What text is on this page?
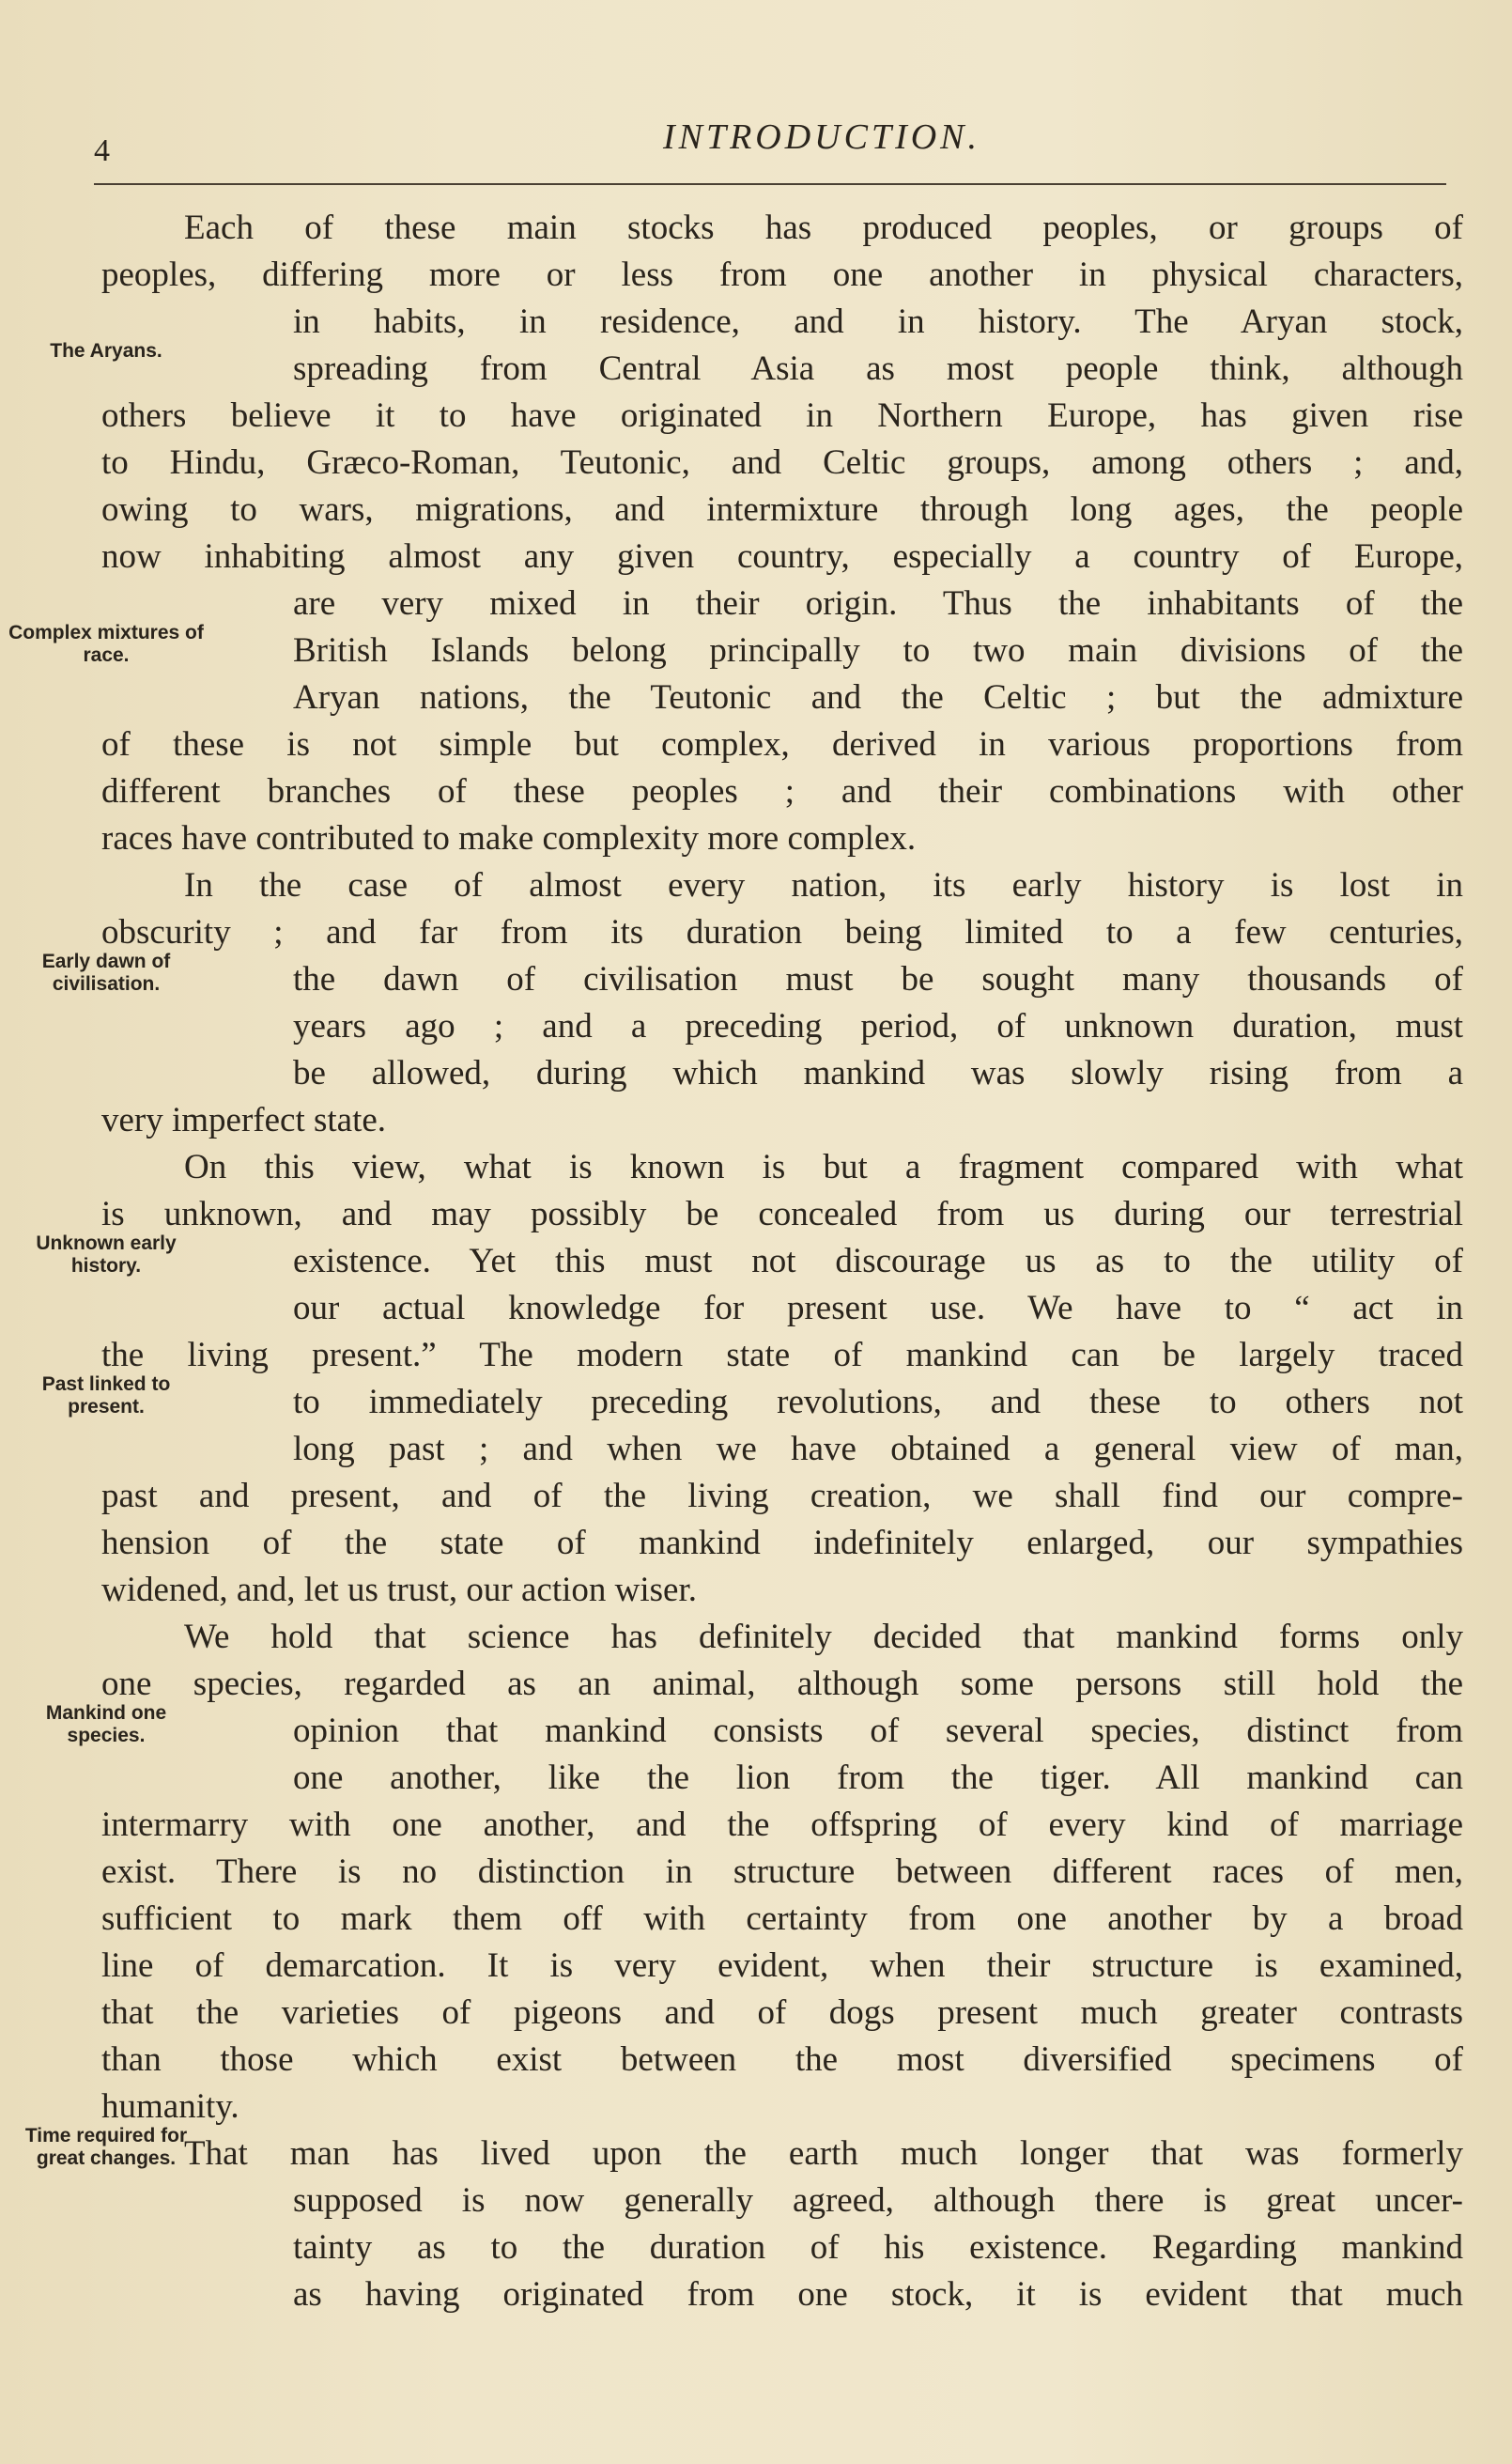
4	INTRODUCTION.
Each of these main stocks has produced peoples, or groups of
peoples, differing more or less from one another in physical characters,
in habits, in residence, and in history. The Aryan stock,
spreading from Central Asia as most people think, although
others believe it to have originated in Northern Europe, has given rise
to Hindu, Græco-Roman, Teutonic, and Celtic groups, among others ; and,
owing to wars, migrations, and intermixture through long ages, the people
now inhabiting almost any given country, especially a country of Europe,
are very mixed in their origin. Thus the inhabitants of the
British Islands belong principally to two main divisions of the
Aryan nations, the Teutonic and the Celtic ; but the admixture
of these is not simple but complex, derived in various proportions from
different branches of these peoples ; and their combinations with other
races have contributed to make complexity more complex.
In the case of almost every nation, its early history is lost in
obscurity ; and far from its duration being limited to a few centuries,
the dawn of civilisation must be sought many thousands of
years ago ; and a preceding period, of unknown duration, must
be allowed, during which mankind was slowly rising from a
very imperfect state.
On this view, what is known is but a fragment compared with what
is unknown, and may possibly be concealed from us during our terrestrial
existence. Yet this must not discourage us as to the utility of
our actual knowledge for present use. We have to “ act in
the living present.” The modern state of mankind can be largely traced
to immediately preceding revolutions, and these to others not
long past ; and when we have obtained a general view of man,
past and present, and of the living creation, we shall find our compre-
hension of the state of mankind indefinitely enlarged, our sympathies
widened, and, let us trust, our action wiser.
We hold that science has definitely decided that mankind forms only
one species, regarded as an animal, although some persons still hold the
opinion that mankind consists of several species, distinct from
one another, like the lion from the tiger. All mankind can
intermarry with one another, and the offspring of every kind of marriage
exist. There is no distinction in structure between different races of men,
sufficient to mark them off with certainty from one another by a broad
line of demarcation. It is very evident, when their structure is examined,
that the varieties of pigeons and of dogs present much greater contrasts
than those which exist between the most diversified specimens of
humanity.
That man has lived upon the earth much longer that was formerly
supposed is now generally agreed, although there is great uncer-
tainty as to the duration of his existence. Regarding mankind
as having originated from one stock, it is evident that much
The Aryans.
Complex mixtures of race.
Early dawn of civilisation.
Unknown early history.
Past linked to present.
Mankind one species.
Time required for great changes.
